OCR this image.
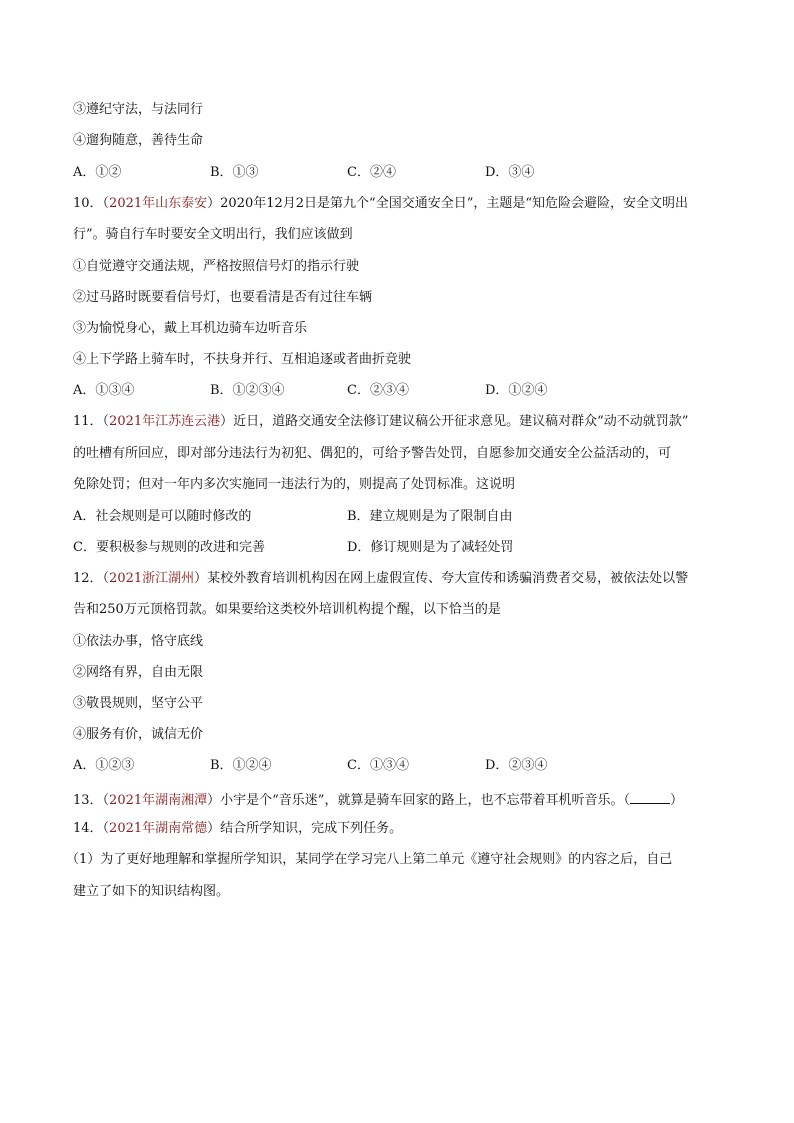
③遵纪守法，与法同行
④遛狗随意，善待生命
A．①②	B．①③	C．②④	D．③④
10．（2021年山东泰安）2020年12月2日是第九个“全国交通安全日”，主题是“知危险会避险，安全文明出
行”。骑自行车时要安全文明出行，我们应该做到
①自觉遵守交通法规，严格按照信号灯的指示行驶
②过马路时既要看信号灯，也要看清是否有过往车辆
③为愉悦身心，戴上耳机边骑车边听音乐
④上下学路上骑车时，不扶身并行、互相追逐或者曲折竞驶
A．①③④	B．①②③④	C．②③④	D．①②④
11．（2021年江苏连云港）近日，道路交通安全法修订建议稿公开征求意见。建议稿对群众“动不动就罚款”
的吐槽有所回应，即对部分违法行为初犯、偶犯的，可给予警告处罚，自愿参加交通安全公益活动的，可
免除处罚；但对一年内多次实施同一违法行为的，则提高了处罚标准。这说明
A．社会规则是可以随时修改的	B．建立规则是为了限制自由
C．要积极参与规则的改进和完善	D．修订规则是为了减轻处罚
12．（2021浙江湖州）某校外教育培训机构因在网上虚假宣传、夸大宣传和诱骗消费者交易，被依法处以警
告和250万元顶格罚款。如果要给这类校外培训机构提个醒，以下恰当的是
①依法办事，恪守底线
②网络有界，自由无限
③敬畏规则，坚守公平
④服务有价，诚信无价
A．①②③	B．①②④	C．①③④	D．②③④
13．（2021年湖南湘潭）小宇是个“音乐迷”，就算是骑车回家的路上，也不忘带着耳机听音乐。（	）
14．（2021年湖南常德）结合所学知识，完成下列任务。
（1）为了更好地理解和掌握所学知识，某同学在学习完八上第二单元《遵守社会规则》的内容之后，自己
建立了如下的知识结构图。
